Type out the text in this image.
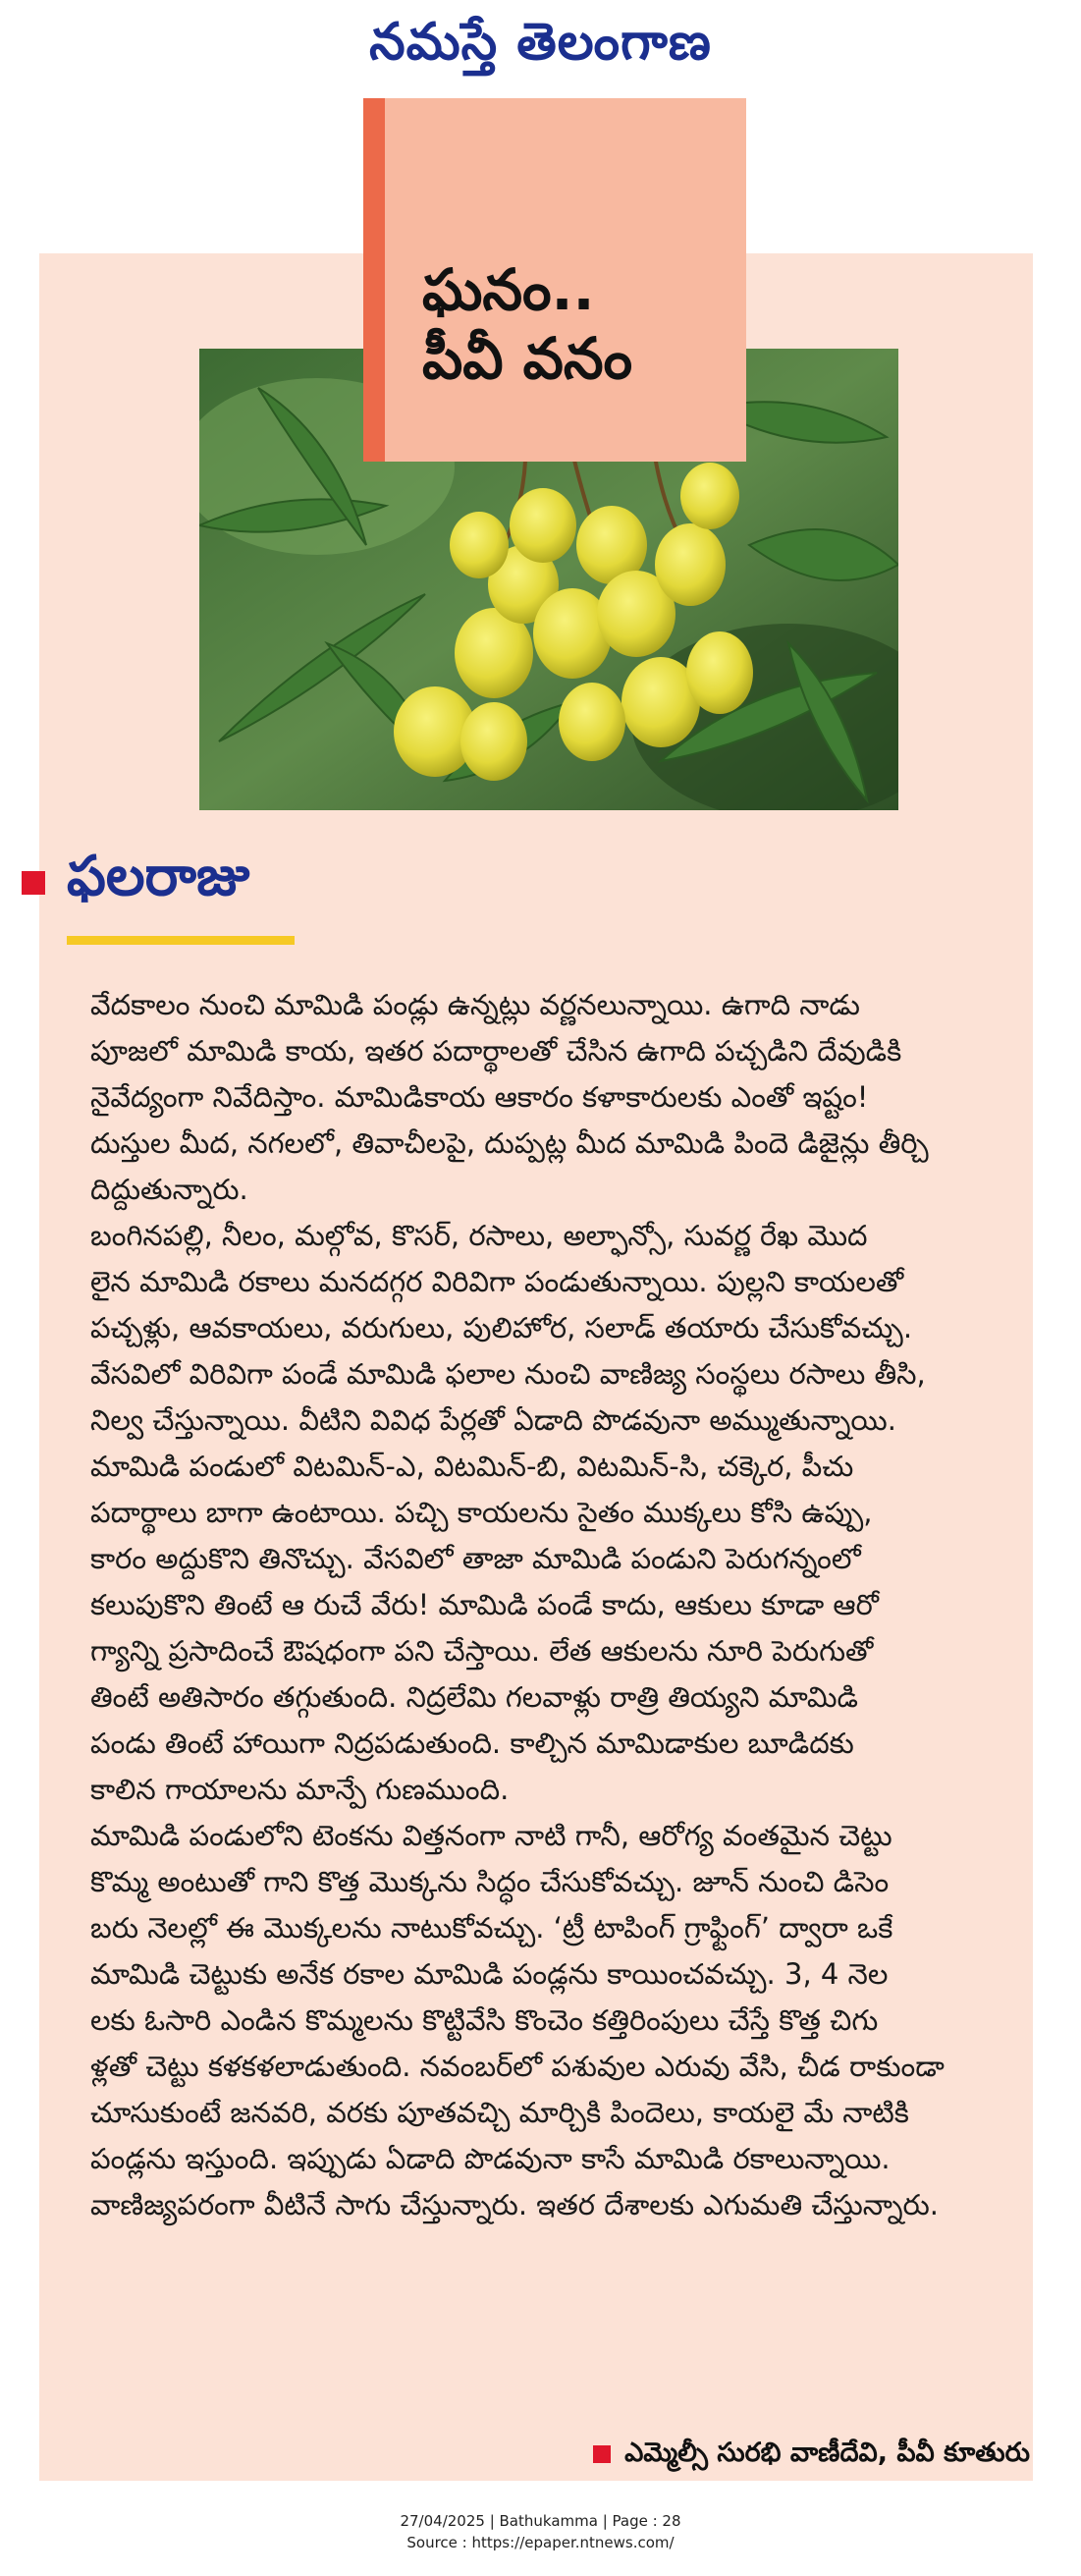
నమస్తే తెలంగాణ
ఘనం..
పీవీ వనం
ఫలరాజు
వేదకాలం నుంచి మామిడి పండ్లు ఉన్నట్లు వర్ణనలున్నాయి. ఉగాది నాడు
పూజలో మామిడి కాయ, ఇతర పదార్థాలతో చేసిన ఉగాది పచ్చడిని దేవుడికి
నైవేద్యంగా నివేదిస్తాం. మామిడికాయ ఆకారం కళాకారులకు ఎంతో ఇష్టం!
దుస్తుల మీద, నగలలో, తివాచీలపై, దుప్పట్ల మీద మామిడి పిందె డిజైన్లు తీర్చి
దిద్దుతున్నారు.
బంగినపల్లి, నీలం, మల్గోవ, కొసర్, రసాలు, అల్ఫాన్సో, సువర్ణ రేఖ మొద
లైన మామిడి రకాలు మనదగ్గర విరివిగా పండుతున్నాయి. పుల్లని కాయలతో
పచ్చళ్లు, ఆవకాయలు, వరుగులు, పులిహోర, సలాడ్ తయారు చేసుకోవచ్చు.
వేసవిలో విరివిగా పండే మామిడి ఫలాల నుంచి వాణిజ్య సంస్థలు రసాలు తీసి,
నిల్వ చేస్తున్నాయి. వీటిని వివిధ పేర్లతో ఏడాది పొడవునా అమ్ముతున్నాయి.
మామిడి పండులో విటమిన్-ఎ, విటమిన్-బి, విటమిన్-సి, చక్కెర, పీచు
పదార్థాలు బాగా ఉంటాయి. పచ్చి కాయలను సైతం ముక్కలు కోసి ఉప్పు,
కారం అద్దుకొని తినొచ్చు. వేసవిలో తాజా మామిడి పండుని పెరుగన్నంలో
కలుపుకొని తింటే ఆ రుచే వేరు! మామిడి పండే కాదు, ఆకులు కూడా ఆరో
గ్యాన్ని ప్రసాదించే ఔషధంగా పని చేస్తాయి. లేత ఆకులను నూరి పెరుగుతో
తింటే అతిసారం తగ్గుతుంది. నిద్రలేమి గలవాళ్లు రాత్రి తియ్యని మామిడి
పండు తింటే హాయిగా నిద్రపడుతుంది. కాల్చిన మామిడాకుల బూడిదకు
కాలిన గాయాలను మాన్పే గుణముంది.
మామిడి పండులోని టెంకను విత్తనంగా నాటి గానీ, ఆరోగ్య వంతమైన చెట్టు
కొమ్మ అంటుతో గాని కొత్త మొక్కను సిద్ధం చేసుకోవచ్చు. జూన్ నుంచి డిసెం
బరు నెలల్లో ఈ మొక్కలను నాటుకోవచ్చు. ‘ట్రీ టాపింగ్ గ్రాఫ్టింగ్’ ద్వారా ఒకే
మామిడి చెట్టుకు అనేక రకాల మామిడి పండ్లను కాయించవచ్చు. 3, 4 నెల
లకు ఓసారి ఎండిన కొమ్మలను కొట్టివేసి కొంచెం కత్తిరింపులు చేస్తే కొత్త చిగు
ళ్లతో చెట్టు కళకళలాడుతుంది. నవంబర్‌లో పశువుల ఎరువు వేసి, చీడ రాకుండా
చూసుకుంటే జనవరి, వరకు పూతవచ్చి మార్చికి పిందెలు, కాయలై మే నాటికి
పండ్లను ఇస్తుంది. ఇప్పుడు ఏడాది పొడవునా కాసే మామిడి రకాలున్నాయి.
వాణిజ్యపరంగా వీటినే సాగు చేస్తున్నారు. ఇతర దేశాలకు ఎగుమతి చేస్తున్నారు.
ఎమ్మెల్సీ సురభి వాణీదేవి, పీవీ కూతురు
27/04/2025 | Bathukamma | Page : 28
Source : https://epaper.ntnews.com/
